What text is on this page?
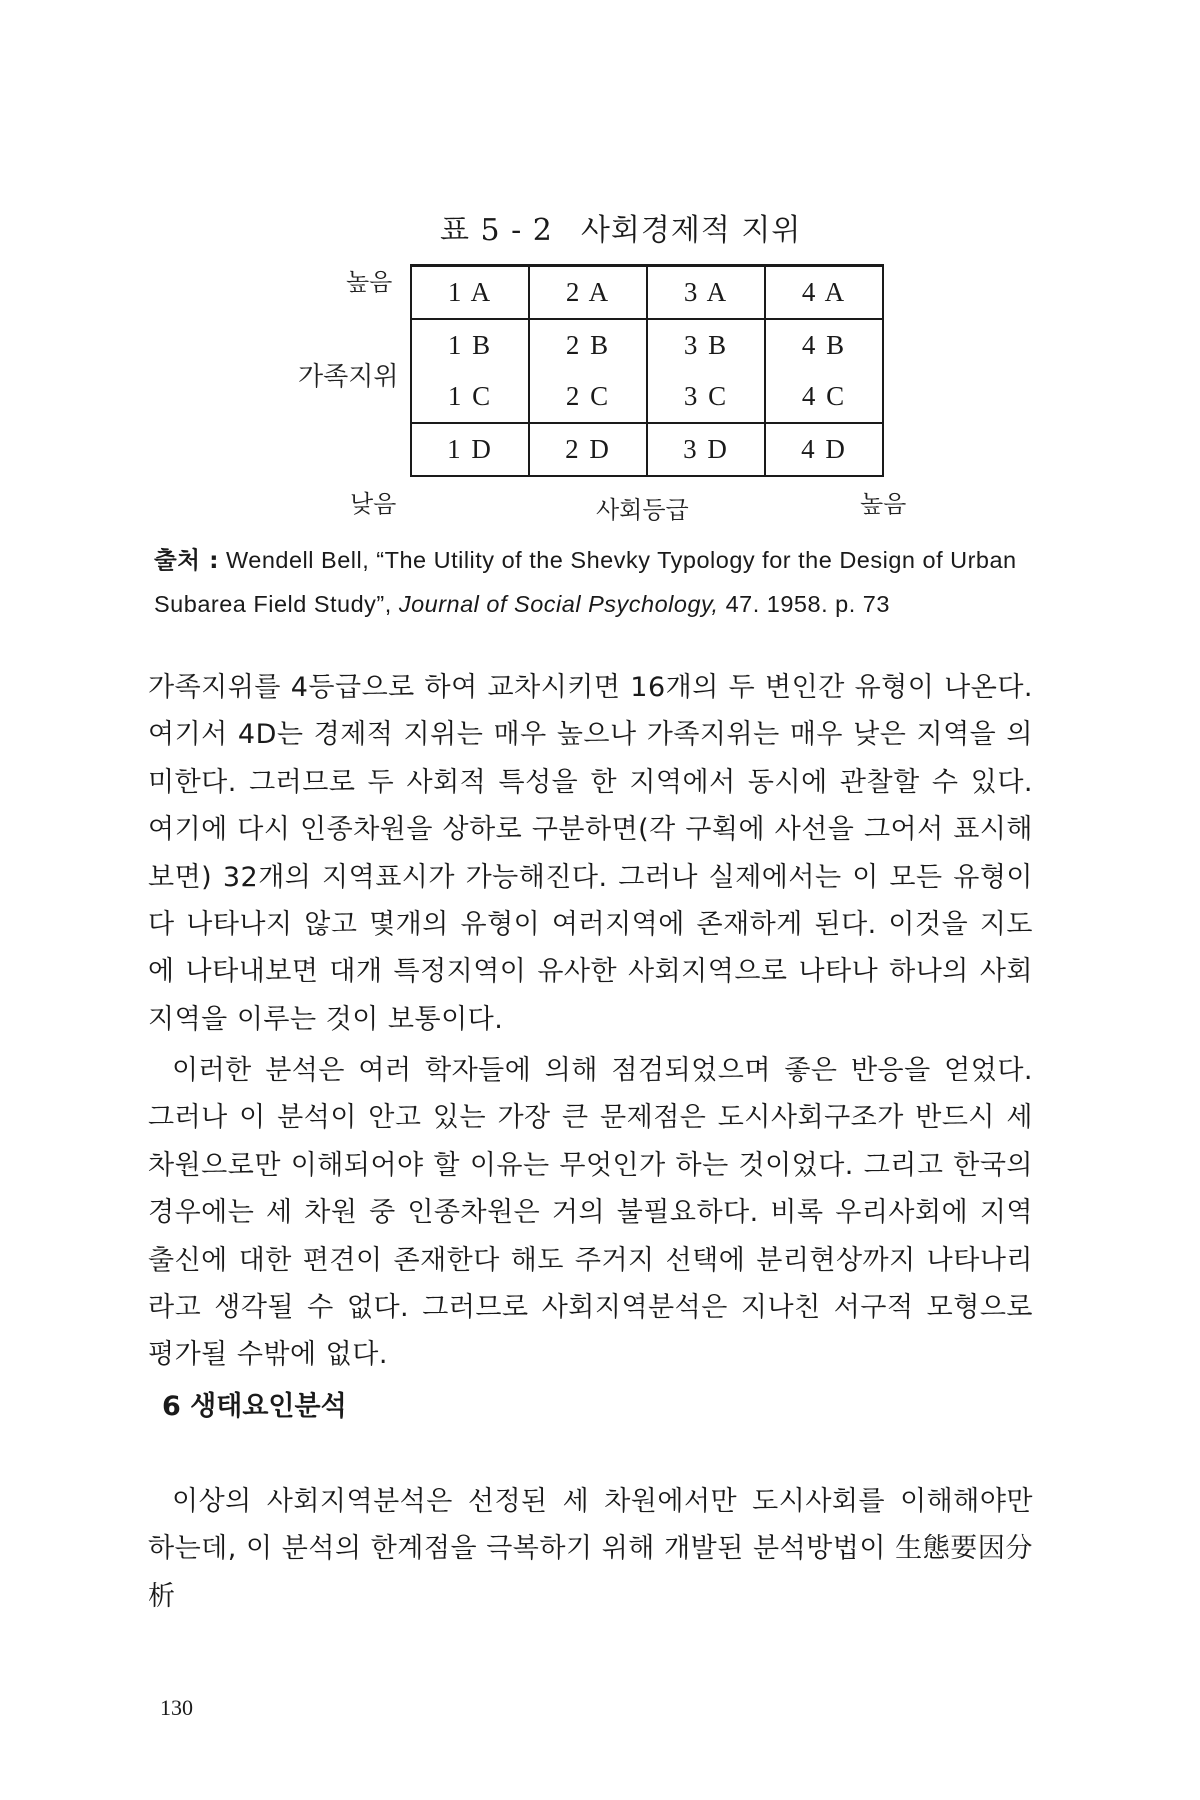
표 5 - 2 사회경제적 지위
높음
가족지위
낮음	사회등급	높음
1 A	2 A	3 A	4 A
1 B	2 B	3 B	4 B
1 C	2 C	3 C	4 C
1 D	2 D	3 D	4 D
출처 : Wendell Bell, “The Utility of the Shevky Typology for the Design of Urban Subarea Field Study”, Journal of Social Psychology, 47. 1958. p. 73

가족지위를 4등급으로 하여 교차시키면 16개의 두 변인간 유형이 나온다. 여기서 4D는 경제적 지위는 매우 높으나 가족지위는 매우 낮은 지역을 의미한다. 그러므로 두 사회적 특성을 한 지역에서 동시에 관찰할 수 있다. 여기에 다시 인종차원을 상하로 구분하면(각 구획에 사선을 그어서 표시해 보면) 32개의 지역표시가 가능해진다. 그러나 실제에서는 이 모든 유형이 다 나타나지 않고 몇개의 유형이 여러지역에 존재하게 된다. 이것을 지도에 나타내보면 대개 특정지역이 유사한 사회지역으로 나타나 하나의 사회지역을 이루는 것이 보통이다.

이러한 분석은 여러 학자들에 의해 점검되었으며 좋은 반응을 얻었다. 그러나 이 분석이 안고 있는 가장 큰 문제점은 도시사회구조가 반드시 세 차원으로만 이해되어야 할 이유는 무엇인가 하는 것이었다. 그리고 한국의 경우에는 세 차원 중 인종차원은 거의 불필요하다. 비록 우리사회에 지역출신에 대한 편견이 존재한다 해도 주거지 선택에 분리현상까지 나타나리라고 생각될 수 없다. 그러므로 사회지역분석은 지나친 서구적 모형으로 평가될 수밖에 없다.

6 생태요인분석

이상의 사회지역분석은 선정된 세 차원에서만 도시사회를 이해해야만 하는데, 이 분석의 한계점을 극복하기 위해 개발된 분석방법이 生態要因分析

130
